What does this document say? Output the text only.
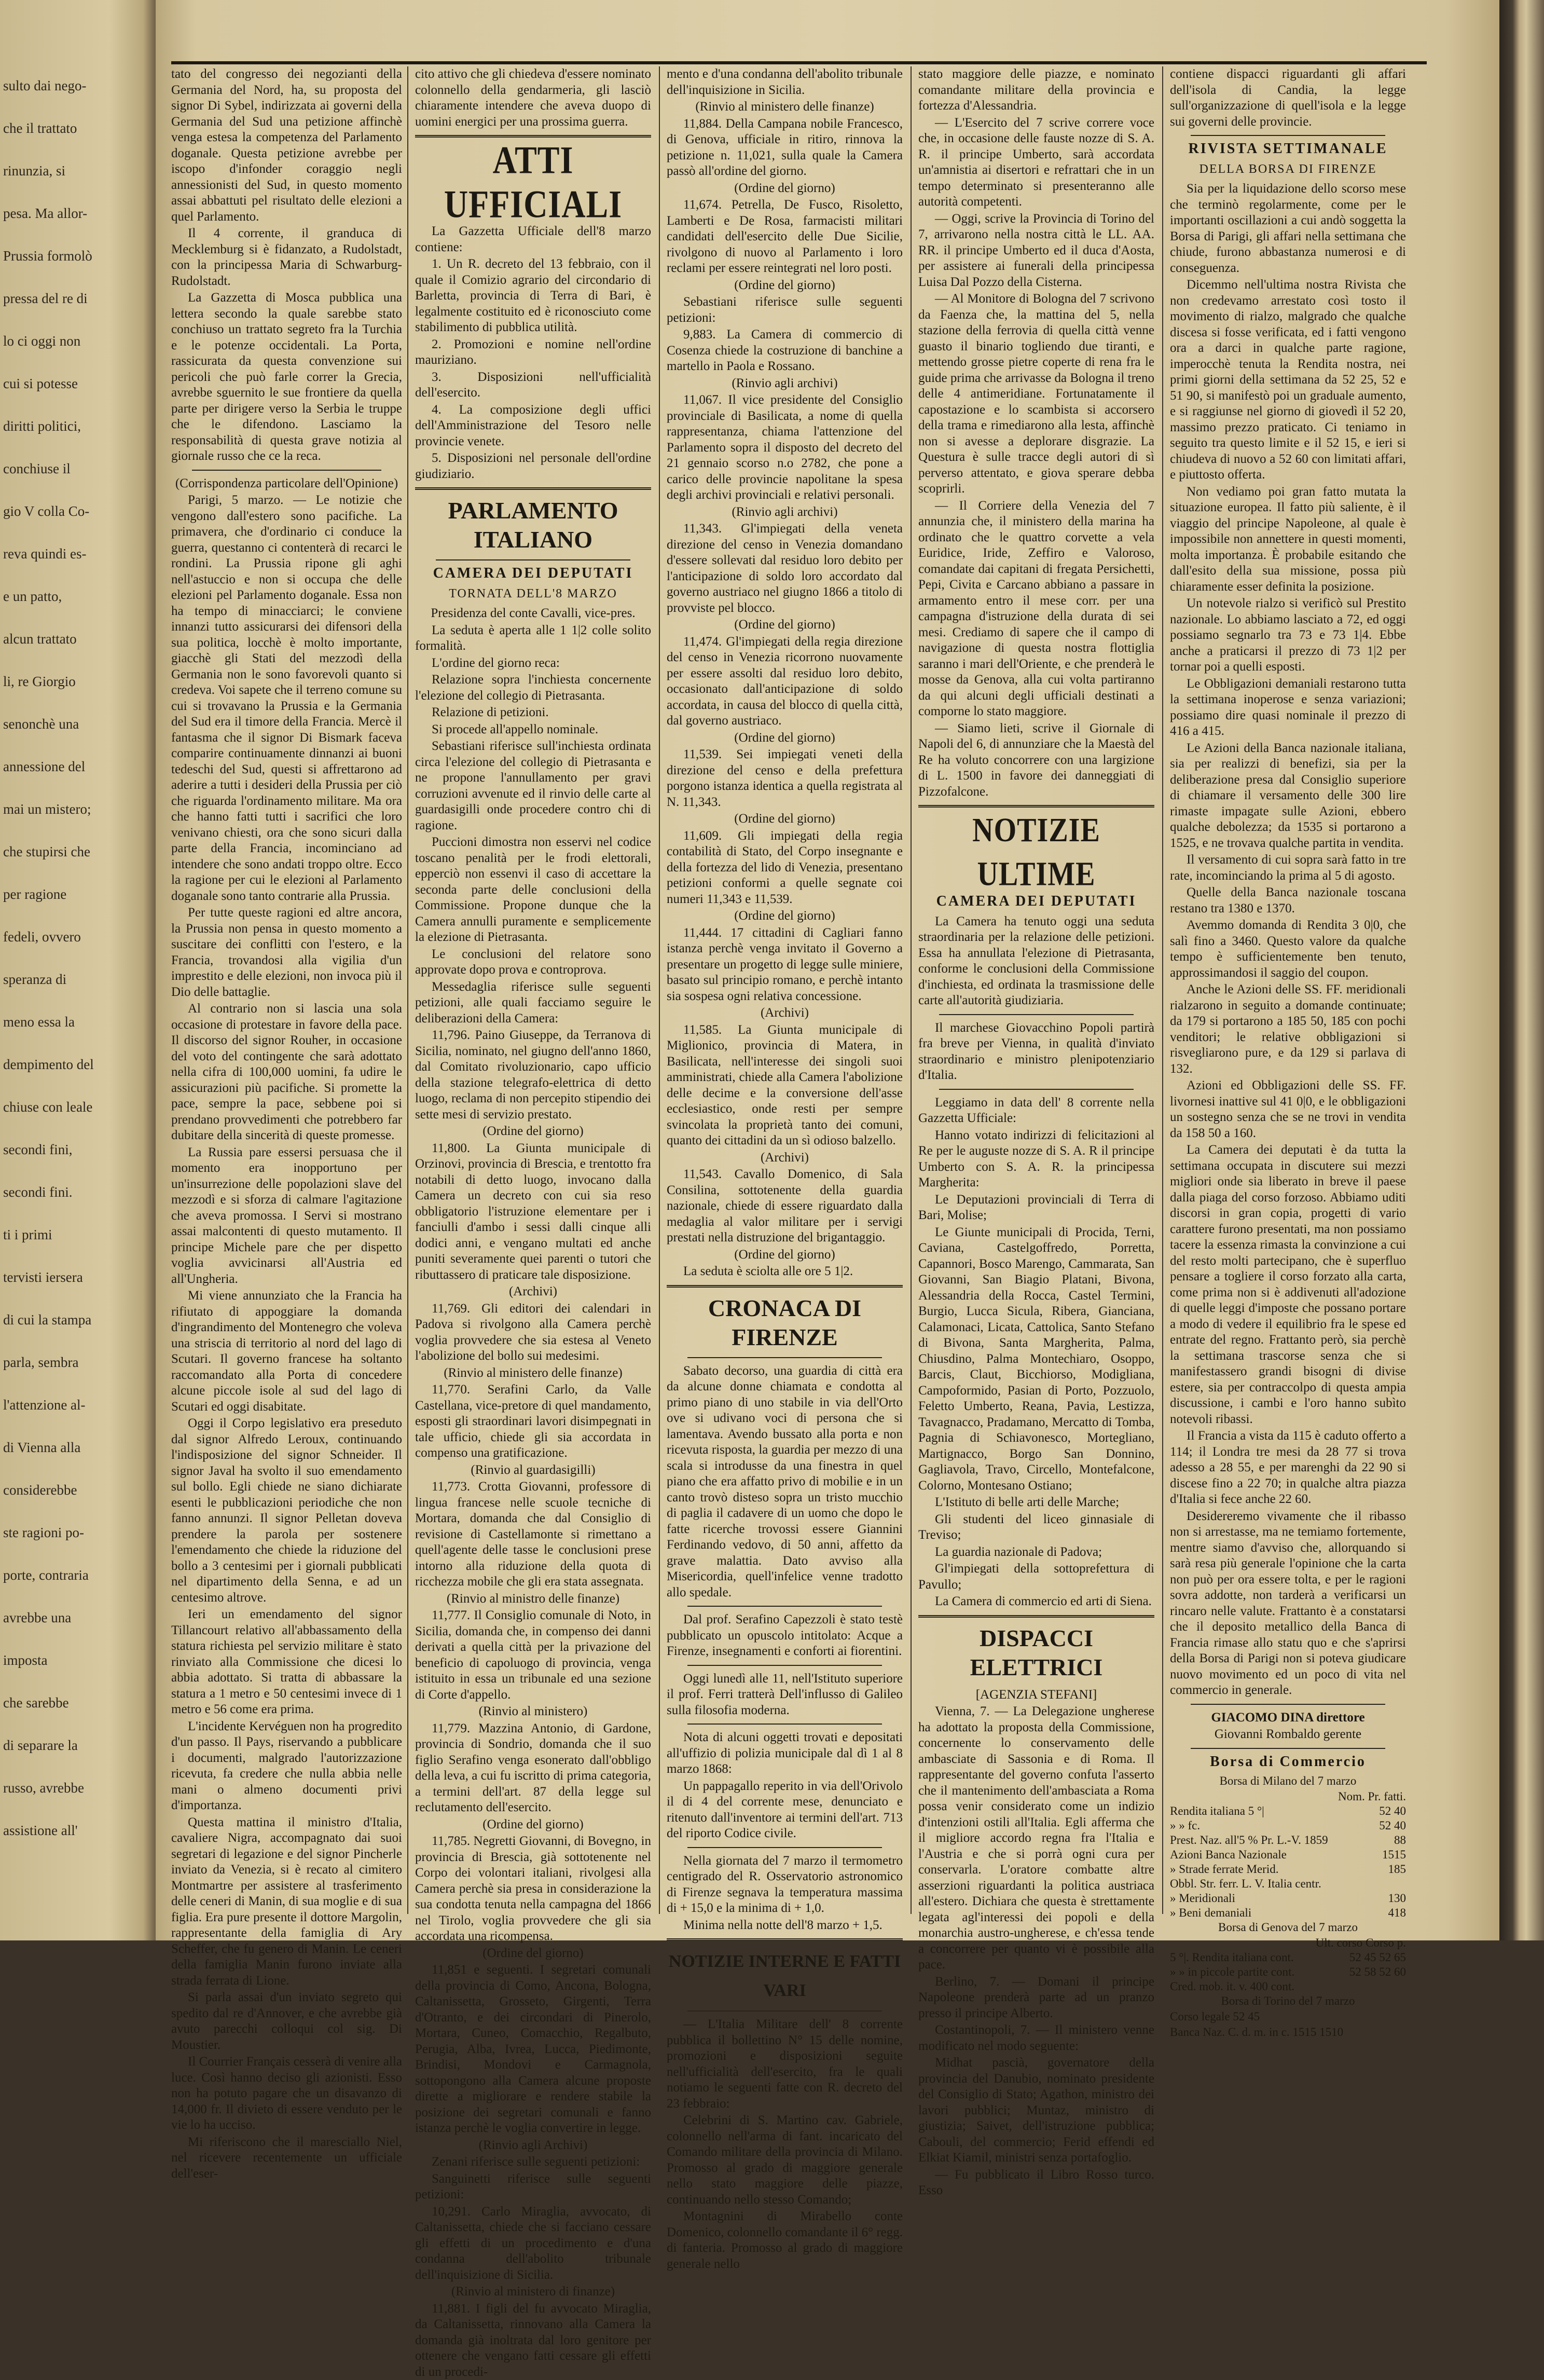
sulto dai nego-
che il trattato
rinunzia, si
pesa. Ma allor-
Prussia formolò
pressa del re di
lo ci oggi non
cui si potesse
diritti politici,
conchiuse il
gio V colla Co-
reva quindi es-
e un patto,
alcun trattato
li, re Giorgio
senonchè una
annessione del
mai un mistero;
che stupirsi che
per ragione
fedeli, ovvero
speranza di
meno essa la
dempimento del
chiuse con leale
secondi fini,
secondi fini.
ti i primi
tervisti iersera
di cui la stampa
parla, sembra
l'attenzione al-
di Vienna alla
considerebbe
ste ragioni po-
porte, contraria
avrebbe una
imposta
che sarebbe
di separare la
russo, avrebbe
assistione all'

tato del congresso dei negozianti della Germania del Nord, ha, su proposta del signor Di Sybel, indirizzata ai governi della Germania del Sud una petizione affinchè venga estesa la competenza del Parlamento doganale. Questa petizione avrebbe per iscopo d'infonder coraggio negli annessionisti del Sud, in questo momento assai abbattuti pel risultato delle elezioni a quel Parlamento.

Il 4 corrente, il granduca di Mecklemburg si è fidanzato, a Rudolstadt, con la principessa Maria di Schwarburg-Rudolstadt.

La Gazzetta di Mosca pubblica una lettera secondo la quale sarebbe stato conchiuso un trattato segreto fra la Turchia e le potenze occidentali. La Porta, rassicurata da questa convenzione sui pericoli che può farle correr la Grecia, avrebbe sguernito le sue frontiere da quella parte per dirigere verso la Serbia le truppe che le difendono. Lasciamo la responsabilità di questa grave notizia al giornale russo che ce la reca.

(Corrispondenza particolare dell'Opinione)

Parigi, 5 marzo. — Le notizie che vengono dall'estero sono pacifiche. La primavera, che d'ordinario ci conduce la guerra, questanno ci contenterà di recarci le rondini. La Prussia ripone gli aghi nell'astuccio e non si occupa che delle elezioni pel Parlamento doganale. Essa non ha tempo di minacciarci; le conviene innanzi tutto assicurarsi dei difensori della sua politica, locchè è molto importante, giacchè gli Stati del mezzodì della Germania non le sono favorevoli quanto si credeva. Voi sapete che il terreno comune su cui si trovavano la Prussia e la Germania del Sud era il timore della Francia. Mercè il fantasma che il signor Di Bismark faceva comparire continuamente dinnanzi ai buoni tedeschi del Sud, questi si affrettarono ad aderire a tutti i desideri della Prussia per ciò che riguarda l'ordinamento militare. Ma ora che hanno fatti tutti i sacrifici che loro venivano chiesti, ora che sono sicuri dalla parte della Francia, incominciano ad intendere che sono andati troppo oltre. Ecco la ragione per cui le elezioni al Parlamento doganale sono tanto contrarie alla Prussia.

Per tutte queste ragioni ed altre ancora, la Prussia non pensa in questo momento a suscitare dei conflitti con l'estero, e la Francia, trovandosi alla vigilia d'un imprestito e delle elezioni, non invoca più il Dio delle battaglie.

Al contrario non si lascia una sola occasione di protestare in favore della pace. Il discorso del signor Rouher, in occasione del voto del contingente che sarà adottato nella cifra di 100,000 uomini, fa udire le assicurazioni più pacifiche. Si promette la pace, sempre la pace, sebbene poi si prendano provvedimenti che potrebbero far dubitare della sincerità di queste promesse.

La Russia pare essersi persuasa che il momento era inopportuno per un'insurrezione delle popolazioni slave del mezzodì e si sforza di calmare l'agitazione che aveva promossa. I Servi si mostrano assai malcontenti di questo mutamento. Il principe Michele pare che per dispetto voglia avvicinarsi all'Austria ed all'Ungheria.

Mi viene annunziato che la Francia ha rifiutato di appoggiare la domanda d'ingrandimento del Montenegro che voleva una striscia di territorio al nord del lago di Scutari. Il governo francese ha soltanto raccomandato alla Porta di concedere alcune piccole isole al sud del lago di Scutari ed oggi disabitate.

Oggi il Corpo legislativo era preseduto dal signor Alfredo Leroux, continuando l'indisposizione del signor Schneider. Il signor Javal ha svolto il suo emendamento sul bollo. Egli chiede ne siano dichiarate esenti le pubblicazioni periodiche che non fanno annunzi. Il signor Pelletan doveva prendere la parola per sostenere l'emendamento che chiede la riduzione del bollo a 3 centesimi per i giornali pubblicati nel dipartimento della Senna, e ad un centesimo altrove.

Ieri un emendamento del signor Tillancourt relativo all'abbassamento della statura richiesta pel servizio militare è stato rinviato alla Commissione che dicesi lo abbia adottato. Si tratta di abbassare la statura a 1 metro e 50 centesimi invece di 1 metro e 56 come era prima.

L'incidente Kervéguen non ha progredito d'un passo. Il Pays, riservando a pubblicare i documenti, malgrado l'autorizzazione ricevuta, fa credere che nulla abbia nelle mani o almeno documenti privi d'importanza.

Questa mattina il ministro d'Italia, cavaliere Nigra, accompagnato dai suoi segretari di legazione e del signor Pincherle inviato da Venezia, si è recato al cimitero Montmartre per assistere al trasferimento delle ceneri di Manin, di sua moglie e di sua figlia. Era pure presente il dottore Margolin, rappresentante della famiglia di Ary Scheffer, che fu genero di Manin. Le ceneri della famiglia Manin furono inviate alla strada ferrata di Lione.

Si parla assai d'un inviato segreto qui spedito dal re d'Annover, e che avrebbe già avuto parecchi colloqui col sig. Di Moustier.

Il Courrier Français cesserà di venire alla luce. Così hanno deciso gli azionisti. Esso non ha potuto pagare che un disavanzo di 14,000 fr. Il divieto di essere venduto per le vie lo ha ucciso.

Mi riferiscono che il maresciallo Niel, nel ricevere recentemente un ufficiale dell'eser-

cito attivo che gli chiedeva d'essere nominato colonnello della gendarmeria, gli lasciò chiaramente intendere che aveva duopo di uomini energici per una prossima guerra.

ATTI UFFICIALI

La Gazzetta Ufficiale dell'8 marzo contiene:

1. Un R. decreto del 13 febbraio, con il quale il Comizio agrario del circondario di Barletta, provincia di Terra di Bari, è legalmente costituito ed è riconosciuto come stabilimento di pubblica utilità.

2. Promozioni e nomine nell'ordine mauriziano.

3. Disposizioni nell'ufficialità dell'esercito.

4. La composizione degli uffici dell'Amministrazione del Tesoro nelle provincie venete.

5. Disposizioni nel personale dell'ordine giudiziario.

PARLAMENTO ITALIANO
CAMERA DEI DEPUTATI
TORNATA DELL'8 MARZO

Presidenza del conte Cavalli, vice-pres.

La seduta è aperta alle 1 1|2 colle solito formalità.

L'ordine del giorno reca:

Relazione sopra l'inchiesta concernente l'elezione del collegio di Pietrasanta.

Relazione di petizioni.

Si procede all'appello nominale.

Sebastiani riferisce sull'inchiesta ordinata circa l'elezione del collegio di Pietrasanta e ne propone l'annullamento per gravi corruzioni avvenute ed il rinvio delle carte al guardasigilli onde procedere contro chi di ragione.

Puccioni dimostra non esservi nel codice toscano penalità per le frodi elettorali, epperciò non essenvi il caso di accettare la seconda parte delle conclusioni della Commissione. Propone dunque che la Camera annulli puramente e semplicemente la elezione di Pietrasanta.

Le conclusioni del relatore sono approvate dopo prova e controprova.

Messedaglia riferisce sulle seguenti petizioni, alle quali facciamo seguire le deliberazioni della Camera:

11,796. Paino Giuseppe, da Terranova di Sicilia, nominato, nel giugno dell'anno 1860, dal Comitato rivoluzionario, capo ufficio della stazione telegrafo-elettrica di detto luogo, reclama di non percepito stipendio dei sette mesi di servizio prestato.

(Ordine del giorno)

11,800. La Giunta municipale di Orzinovi, provincia di Brescia, e trentotto fra notabili di detto luogo, invocano dalla Camera un decreto con cui sia reso obbligatorio l'istruzione elementare per i fanciulli d'ambo i sessi dalli cinque alli dodici anni, e vengano multati ed anche puniti severamente quei parenti o tutori che ributtassero di praticare tale disposizione.

(Archivi)

11,769. Gli editori dei calendari in Padova si rivolgono alla Camera perchè voglia provvedere che sia estesa al Veneto l'abolizione del bollo sui medesimi.

(Rinvio al ministero delle finanze)

11,770. Serafini Carlo, da Valle Castellana, vice-pretore di quel mandamento, esposti gli straordinari lavori disimpegnati in tale ufficio, chiede gli sia accordata in compenso una gratificazione.

(Rinvio al guardasigilli)

11,773. Crotta Giovanni, professore di lingua francese nelle scuole tecniche di Mortara, domanda che dal Consiglio di revisione di Castellamonte si rimettano a quell'agente delle tasse le conclusioni prese intorno alla riduzione della quota di ricchezza mobile che gli era stata assegnata.

(Rinvio al ministro delle finanze)

11,777. Il Consiglio comunale di Noto, in Sicilia, domanda che, in compenso dei danni derivati a quella città per la privazione del beneficio di capoluogo di provincia, venga istituito in essa un tribunale ed una sezione di Corte d'appello.

(Rinvio al ministero)

11,779. Mazzina Antonio, di Gardone, provincia di Sondrio, domanda che il suo figlio Serafino venga esonerato dall'obbligo della leva, a cui fu iscritto di prima categoria, a termini dell'art. 87 della legge sul reclutamento dell'esercito.

(Ordine del giorno)

11,785. Negretti Giovanni, di Bovegno, in provincia di Brescia, già sottotenente nel Corpo dei volontari italiani, rivolgesi alla Camera perchè sia presa in considerazione la sua condotta tenuta nella campagna del 1866 nel Tirolo, voglia provvedere che gli sia accordata una ricompensa.

(Ordine del giorno)

11,851 e seguenti. I segretari comunali della provincia di Como, Ancona, Bologna, Caltanissetta, Grosseto, Girgenti, Terra d'Otranto, e dei circondari di Pinerolo, Mortara, Cuneo, Comacchio, Regalbuto, Perugia, Alba, Ivrea, Lucca, Piedimonte, Brindisi, Mondovi e Carmagnola, sottopongono alla Camera alcune proposte dirette a migliorare e rendere stabile la posizione dei segretari comunali e fanno istanza perchè le voglia convertire in legge.

(Rinvio agli Archivi)

Zenani riferisce sulle seguenti petizioni:

Sanguinetti riferisce sulle seguenti petizioni:

10,291. Carlo Miraglia, avvocato, di Caltanissetta, chiede che si facciano cessare gli effetti di un procedimento e d'una condanna dell'abolito tribunale dell'inquisizione di Sicilia.

(Rinvio al ministero di finanze)

11,881. I figli del fu avvocato Miraglia, da Caltanissetta, rinnovano alla Camera la domanda già inoltrata dal loro genitore per ottenere che vengano fatti cessare gli effetti di un procedi-

mento e d'una condanna dell'abolito tribunale dell'inquisizione in Sicilia.

(Rinvio al ministero delle finanze)

11,884. Della Campana nobile Francesco, di Genova, ufficiale in ritiro, rinnova la petizione n. 11,021, sulla quale la Camera passò all'ordine del giorno.

(Ordine del giorno)

11,674. Petrella, De Fusco, Risoletto, Lamberti e De Rosa, farmacisti militari candidati dell'esercito delle Due Sicilie, rivolgono di nuovo al Parlamento i loro reclami per essere reintegrati nel loro posti.

(Ordine del giorno)

Sebastiani riferisce sulle seguenti petizioni:

9,883. La Camera di commercio di Cosenza chiede la costruzione di banchine a martello in Paola e Rossano.

(Rinvio agli archivi)

11,067. Il vice presidente del Consiglio provinciale di Basilicata, a nome di quella rappresentanza, chiama l'attenzione del Parlamento sopra il disposto del decreto del 21 gennaio scorso n.o 2782, che pone a carico delle provincie napolitane la spesa degli archivi provinciali e relativi personali.

(Rinvio agli archivi)

11,343. Gl'impiegati della veneta direzione del censo in Venezia domandano d'essere sollevati dal residuo loro debito per l'anticipazione di soldo loro accordato dal governo austriaco nel giugno 1866 a titolo di provviste pel blocco.

(Ordine del giorno)

11,474. Gl'impiegati della regia direzione del censo in Venezia ricorrono nuovamente per essere assolti dal residuo loro debito, occasionato dall'anticipazione di soldo accordata, in causa del blocco di quella città, dal governo austriaco.

(Ordine del giorno)

11,539. Sei impiegati veneti della direzione del censo e della prefettura porgono istanza identica a quella registrata al N. 11,343.

(Ordine del giorno)

11,609. Gli impiegati della regia contabilità di Stato, del Corpo insegnante e della fortezza del lido di Venezia, presentano petizioni conformi a quelle segnate coi numeri 11,343 e 11,539.

(Ordine del giorno)

11,444. 17 cittadini di Cagliari fanno istanza perchè venga invitato il Governo a presentare un progetto di legge sulle miniere, basato sul principio romano, e perchè intanto sia sospesa ogni relativa concessione.

(Archivi)

11,585. La Giunta municipale di Miglionico, provincia di Matera, in Basilicata, nell'interesse dei singoli suoi amministrati, chiede alla Camera l'abolizione delle decime e la conversione dell'asse ecclesiastico, onde resti per sempre svincolata la proprietà tanto dei comuni, quanto dei cittadini da un sì odioso balzello.

(Archivi)

11,543. Cavallo Domenico, di Sala Consilina, sottotenente della guardia nazionale, chiede di essere riguardato dalla medaglia al valor militare per i servigi prestati nella distruzione del brigantaggio.

(Ordine del giorno)

La seduta è sciolta alle ore 5 1|2.

CRONACA DI FIRENZE

Sabato decorso, una guardia di città era da alcune donne chiamata e condotta al primo piano di uno stabile in via dell'Orto ove si udivano voci di persona che si lamentava. Avendo bussato alla porta e non ricevuta risposta, la guardia per mezzo di una scala si introdusse da una finestra in quel piano che era affatto privo di mobilie e in un canto trovò disteso sopra un tristo mucchio di paglia il cadavere di un uomo che dopo le fatte ricerche trovossi essere Giannini Ferdinando vedovo, di 50 anni, affetto da grave malattia. Dato avviso alla Misericordia, quell'infelice venne tradotto allo spedale.

Dal prof. Serafino Capezzoli è stato testè pubblicato un opuscolo intitolato: Acque a Firenze, insegnamenti e conforti ai fiorentini.

Oggi lunedì alle 11, nell'Istituto superiore il prof. Ferri tratterà Dell'influsso di Galileo sulla filosofia moderna.

Nota di alcuni oggetti trovati e depositati all'uffizio di polizia municipale dal dì 1 al 8 marzo 1868:

Un pappagallo reperito in via dell'Orivolo il di 4 del corrente mese, denunciato e ritenuto dall'inventore ai termini dell'art. 713 del riporto Codice civile.

Nella giornata del 7 marzo il termometro centigrado del R. Osservatorio astronomico di Firenze segnava la temperatura massima di + 15,0 e la minima di + 1,0.

Minima nella notte dell'8 marzo + 1,5.

NOTIZIE INTERNE E FATTI VARI

— L'Italia Militare dell' 8 corrente pubblica il bollettino N° 15 delle nomine, promozioni e disposizioni seguite nell'ufficialità dell'esercito, fra le quali notiamo le seguenti fatte con R. decreto del 23 febbraio:

Celebrini di S. Martino cav. Gabriele, colonnello nell'arma di fant. incaricato del Comando militare della provincia di Milano. Promosso al grado di maggiore generale nello stato maggiore delle piazze, continuando nello stesso Comando;

Montagnini di Mirabello conte Domenico, colonnello comandante il 6° regg. di fanteria. Promosso al grado di maggiore generale nello

stato maggiore delle piazze, e nominato comandante militare della provincia e fortezza d'Alessandria.

— L'Esercito del 7 scrive correre voce che, in occasione delle fauste nozze di S. A. R. il principe Umberto, sarà accordata un'amnistia ai disertori e refrattari che in un tempo determinato si presenteranno alle autorità competenti.

— Oggi, scrive la Provincia di Torino del 7, arrivarono nella nostra città le LL. AA. RR. il principe Umberto ed il duca d'Aosta, per assistere ai funerali della principessa Luisa Dal Pozzo della Cisterna.

— Al Monitore di Bologna del 7 scrivono da Faenza che, la mattina del 5, nella stazione della ferrovia di quella città venne guasto il binario togliendo due tiranti, e mettendo grosse pietre coperte di rena fra le guide prima che arrivasse da Bologna il treno delle 4 antimeridiane. Fortunatamente il capostazione e lo scambista si accorsero della trama e rimediarono alla lesta, affinchè non si avesse a deplorare disgrazie. La Questura è sulle tracce degli autori di sì perverso attentato, e giova sperare debba scoprirli.

— Il Corriere della Venezia del 7 annunzia che, il ministero della marina ha ordinato che le quattro corvette a vela Euridice, Iride, Zeffiro e Valoroso, comandate dai capitani di fregata Persichetti, Pepi, Civita e Carcano abbiano a passare in armamento entro il mese corr. per una campagna d'istruzione della durata di sei mesi. Crediamo di sapere che il campo di navigazione di questa nostra flottiglia saranno i mari dell'Oriente, e che prenderà le mosse da Genova, alla cui volta partiranno da qui alcuni degli ufficiali destinati a comporne lo stato maggiore.

— Siamo lieti, scrive il Giornale di Napoli del 6, di annunziare che la Maestà del Re ha voluto concorrere con una largizione di L. 1500 in favore dei danneggiati di Pizzofalcone.

NOTIZIE ULTIME
CAMERA DEI DEPUTATI

La Camera ha tenuto oggi una seduta straordinaria per la relazione delle petizioni. Essa ha annullata l'elezione di Pietrasanta, conforme le conclusioni della Commissione d'inchiesta, ed ordinata la trasmissione delle carte all'autorità giudiziaria.

Il marchese Giovacchino Popoli partirà fra breve per Vienna, in qualità d'inviato straordinario e ministro plenipotenziario d'Italia.

Leggiamo in data dell' 8 corrente nella Gazzetta Ufficiale:

Hanno votato indirizzi di felicitazioni al Re per le auguste nozze di S. A. R il principe Umberto con S. A. R. la principessa Margherita:

Le Deputazioni provinciali di Terra di Bari, Molise;

Le Giunte municipali di Procida, Terni, Caviana, Castelgoffredo, Porretta, Capannori, Bosco Marengo, Cammarata, San Giovanni, San Biagio Platani, Bivona, Alessandria della Rocca, Castel Termini, Burgio, Lucca Sicula, Ribera, Gianciana, Calamonaci, Licata, Cattolica, Santo Stefano di Bivona, Santa Margherita, Palma, Chiusdino, Palma Montechiaro, Osoppo, Barcis, Claut, Bicchiorso, Modigliana, Campoformido, Pasian di Porto, Pozzuolo, Feletto Umberto, Reana, Pavia, Lestizza, Tavagnacco, Pradamano, Mercatto di Tomba, Pagnia di Schiavonesco, Mortegliano, Martignacco, Borgo San Donnino, Gagliavola, Travo, Circello, Montefalcone, Colorno, Montesano Ostiano;

L'Istituto di belle arti delle Marche;

Gli studenti del liceo ginnasiale di Treviso;

La guardia nazionale di Padova;

Gl'impiegati della sottoprefettura di Pavullo;

La Camera di commercio ed arti di Siena.

DISPACCI ELETTRICI

[AGENZIA STEFANI]

Vienna, 7. — La Delegazione ungherese ha adottato la proposta della Commissione, concernente lo conservamento delle ambasciate di Sassonia e di Roma. Il rappresentante del governo confuta l'asserto che il mantenimento dell'ambasciata a Roma possa venir considerato come un indizio d'intenzioni ostili all'Italia. Egli afferma che il migliore accordo regna fra l'Italia e l'Austria e che si porrà ogni cura per conservarla. L'oratore combatte altre asserzioni riguardanti la politica austriaca all'estero. Dichiara che questa è strettamente legata agl'interessi dei popoli e della monarchia austro-ungherese, e ch'essa tende a concorrere per quanto vi è possibile alla pace.

Berlino, 7. — Domani il principe Napoleone prenderà parte ad un pranzo presso il principe Alberto.

Costantinopoli, 7. — Il ministero venne modificato nel modo seguente:

Midhat pascià, governatore della provincia del Danubio, nominato presidente del Consiglio di Stato; Agathon, ministro dei lavori pubblici; Muntaz, ministro di giustizia; Saivet, dell'istruzione pubblica; Cabouli, del commercio; Ferid effendi ed Elkiat Kiamil, ministri senza portafoglio.

— Fu pubblicato il Libro Rosso turco. Esso

contiene dispacci riguardanti gli affari dell'isola di Candia, la legge sull'organizzazione di quell'isola e la legge sui governi delle provincie.

RIVISTA SETTIMANALE
DELLA BORSA DI FIRENZE

Sia per la liquidazione dello scorso mese che terminò regolarmente, come per le importanti oscillazioni a cui andò soggetta la Borsa di Parigi, gli affari nella settimana che chiude, furono abbastanza numerosi e di conseguenza.

Dicemmo nell'ultima nostra Rivista che non credevamo arrestato così tosto il movimento di rialzo, malgrado che qualche discesa si fosse verificata, ed i fatti vengono ora a darci in qualche parte ragione, imperocchè tenuta la Rendita nostra, nei primi giorni della settimana da 52 25, 52 e 51 90, si manifestò poi un graduale aumento, e si raggiunse nel giorno di giovedì il 52 20, massimo prezzo praticato. Ci teniamo in seguito tra questo limite e il 52 15, e ieri si chiudeva di nuovo a 52 60 con limitati affari, e piuttosto offerta.

Non vediamo poi gran fatto mutata la situazione europea. Il fatto più saliente, è il viaggio del principe Napoleone, al quale è impossibile non annettere in questi momenti, molta importanza. È probabile esitando che dall'esito della sua missione, possa più chiaramente esser definita la posizione.

Un notevole rialzo si verificò sul Prestito nazionale. Lo abbiamo lasciato a 72, ed oggi possiamo segnarlo tra 73 e 73 1|4. Ebbe anche a praticarsi il prezzo di 73 1|2 per tornar poi a quelli esposti.

Le Obbligazioni demaniali restarono tutta la settimana inoperose e senza variazioni; possiamo dire quasi nominale il prezzo di 416 a 415.

Le Azioni della Banca nazionale italiana, sia per realizzi di benefizi, sia per la deliberazione presa dal Consiglio superiore di chiamare il versamento delle 300 lire rimaste impagate sulle Azioni, ebbero qualche debolezza; da 1535 si portarono a 1525, e ne trovava qualche partita in vendita.

Il versamento di cui sopra sarà fatto in tre rate, incominciando la prima al 5 di agosto.

Quelle della Banca nazionale toscana restano tra 1380 e 1370.

Avemmo domanda di Rendita 3 0|0, che salì fino a 3460. Questo valore da qualche tempo è sufficientemente ben tenuto, approssimandosi il saggio del coupon.

Anche le Azioni delle SS. FF. meridionali rialzarono in seguito a domande continuate; da 179 si portarono a 185 50, 185 con pochi venditori; le relative obbligazioni si risvegliarono pure, e da 129 si parlava di 132.

Azioni ed Obbligazioni delle SS. FF. livornesi inattive sul 41 0|0, e le obbligazioni un sostegno senza che se ne trovi in vendita da 158 50 a 160.

La Camera dei deputati è da tutta la settimana occupata in discutere sui mezzi migliori onde sia liberato in breve il paese dalla piaga del corso forzoso. Abbiamo uditi discorsi in gran copia, progetti di vario carattere furono presentati, ma non possiamo tacere la essenza rimasta la convinzione a cui del resto molti partecipano, che è superfluo pensare a togliere il corso forzato alla carta, come prima non si è addivenuti all'adozione di quelle leggi d'imposte che possano portare a modo di vedere il equilibrio fra le spese ed entrate del regno. Frattanto però, sia perchè la settimana trascorse senza che si manifestassero grandi bisogni di divise estere, sia per contraccolpo di questa ampia discussione, i cambi e l'oro hanno subìto notevoli ribassi.

Il Francia a vista da 115 è caduto offerto a 114; il Londra tre mesi da 28 77 si trova adesso a 28 55, e per marenghi da 22 90 si discese fino a 22 70; in qualche altra piazza d'Italia si fece anche 22 60.

Desidereremo vivamente che il ribasso non si arrestasse, ma ne temiamo fortemente, mentre siamo d'avviso che, allorquando si sarà resa più generale l'opinione che la carta non può per ora essere tolta, e per le ragioni sovra addotte, non tarderà a verificarsi un rincaro nelle valute. Frattanto è a constatarsi che il deposito metallico della Banca di Francia rimase allo statu quo e che s'aprirsi della Borsa di Parigi non si poteva giudicare nuovo movimento ed un poco di vita nel commercio in generale.

GIACOMO DINA direttore

Giovanni Rombaldo gerente

Borsa di Commercio

Borsa di Milano del 7 marzo

Nom. Pr. fatti.
Rendita italiana 5 °|	52 40
» » fc.	52 40
Prest. Naz. all'5 % Pr. L.-V. 1859	88
Azioni Banca Nazionale	1515
» Strade ferrate Merid.	185
Obbl. Str. ferr. L. V. Italia centr.
» Meridionali	130
» Beni demaniali	418

Borsa di Genova del 7 marzo

Ult. corso Corso p.
5 °|. Rendita italiana cont.	52 45 52 65
» » in piccole partite cont.	52 58 52 60
Cred. mob. it. v. 400 cont.

Borsa di Torino del 7 marzo

Corso legale 52 45

Banca Naz. C. d. m. in c. 1515 1510
